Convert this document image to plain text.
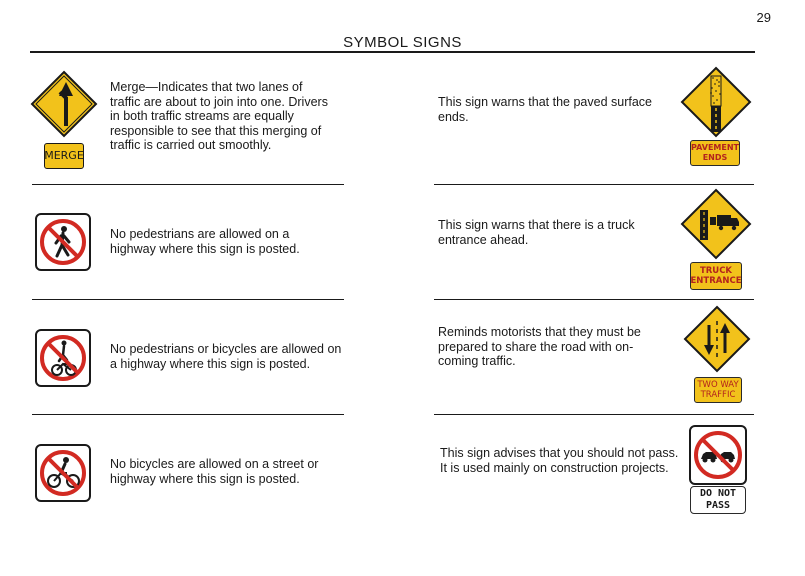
29
SYMBOL SIGNS
MERGE
Merge—Indicates that two lanes of traffic are about to join into one. Drivers in both traffic streams are equally responsible to see that this merging of traffic is carried out smoothly.
No pedestrians are allowed on a highway where this sign is posted.
No pedestrians or bicycles are allowed on a highway where this sign is posted.
No bicycles are allowed on a street or highway where this sign is posted.
This sign warns that the paved surface ends.
PAVEMENT
ENDS
This sign warns that there is a truck entrance ahead.
TRUCK
ENTRANCE
Reminds motorists that they must be prepared to share the road with on-coming traffic.
TWO WAY
TRAFFIC
This sign advises that you should not pass. It is used mainly on construction projects.
DO NOT
PASS
